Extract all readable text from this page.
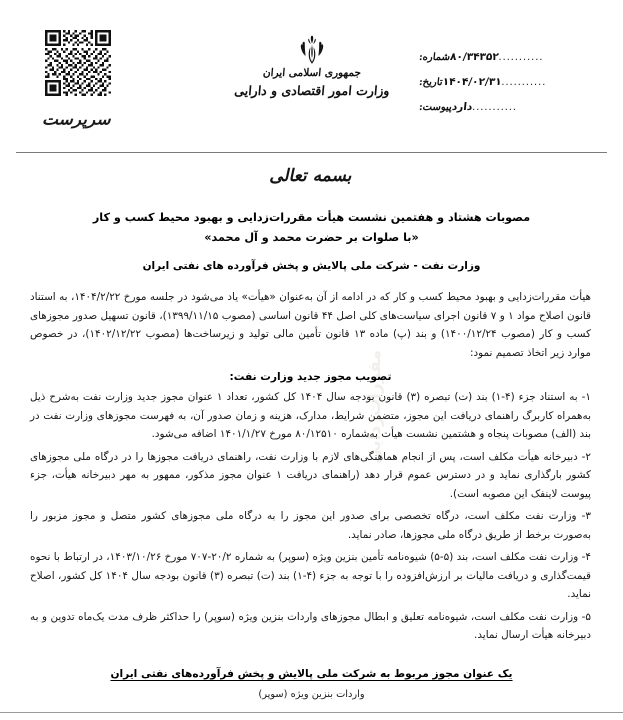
مقررات‌زدایی
شماره:
۸۰/۳۴۳۵۲
...........
تاریخ:
۱۴۰۴/۰۲/۳۱
...........
پیوست:
دارد
...........
جمهوری اسلامی ایران
وزارت امور اقتصادی و دارایی
سرپرست
بسمه تعالی
مصوبات هشتاد و هفتمین نشست هیأت مقررات‌زدایی و بهبود محیط کسب و کار
«با صلوات بر حضرت محمد و آل محمد»
وزارت نفت - شرکت ملی پالایش و پخش فرآورده های نفتی ایران

هیأت مقررات‌زدایی و بهبود محیط کسب و کار که در ادامه از آن به‌عنوان «هیأت» یاد می‌شود در جلسه مورخ ۱۴۰۴/۲/۲۲، به استناد قانون اصلاح مواد ۱ و ۷ قانون اجرای سیاست‌های کلی اصل ۴۴ قانون اساسی (مصوب ۱۳۹۹/۱۱/۱۵)، قانون تسهیل صدور مجوزهای کسب و کار (مصوب ۱۴۰۰/۱۲/۲۴) و بند (پ) ماده ۱۳ قانون تأمین مالی تولید و زیرساخت‌ها (مصوب ۱۴۰۲/۱۲/۲۲)، در خصوص موارد زیر اتخاذ تصمیم نمود:

تصویب مجوز جدید وزارت نفت:

۱- به استناد جزء (۴-۱) بند (ت) تبصره (۳) قانون بودجه سال ۱۴۰۴ کل کشور، تعداد ۱ عنوان مجوز جدید وزارت نفت به‌شرح ذیل به‌همراه کاربرگ راهنمای دریافت این مجوز، متضمن شرایط، مدارک، هزینه و زمان صدور آن، به فهرست مجوزهای وزارت نفت در بند (الف) مصوبات پنجاه و هشتمین نشست هیأت به‌شماره ۸۰/۱۲۵۱۰ مورخ ۱۴۰۱/۱/۲۷ اضافه می‌شود.

۲- دبیرخانه هیأت مکلف است، پس از انجام هماهنگی‌های لازم با وزارت نفت، راهنمای دریافت مجوزها را در درگاه ملی مجوزهای کشور بارگذاری نماید و در دسترس عموم قرار دهد (راهنمای دریافت ۱ عنوان مجوز مذکور، ممهور به مهر دبیرخانه هیأت، جزء پیوست لاینفک این مصوبه است).

۳- وزارت نفت مکلف است، درگاه تخصصی برای صدور این مجوز را به درگاه ملی مجوزهای کشور متصل و مجوز مزبور را به‌صورت برخط از طریق درگاه ملی مجوزها، صادر نماید.

۴- وزارت نفت مکلف است، بند (۵-۵) شیوه‌نامه تأمین بنزین ویژه (سوپر) به شماره ۲۰/۲-۷۰۷ مورخ ۱۴۰۳/۱۰/۲۶، در ارتباط با نحوه قیمت‌گذاری و دریافت مالیات بر ارزش‌افزوده را با توجه به جزء (۴-۱) بند (ت) تبصره (۳) قانون بودجه سال ۱۴۰۴ کل کشور، اصلاح نماید.

۵- وزارت نفت مکلف است، شیوه‌نامه تعلیق و ابطال مجوزهای واردات بنزین ویژه (سوپر) را حداکثر ظرف مدت یک‌ماه تدوین و به دبیرخانه هیأت ارسال نماید.

یک عنوان مجوز مربوط به شرکت ملی پالایش و پخش فرآورده‌های نفتی ایران
واردات بنزین ویژه (سوپر)
